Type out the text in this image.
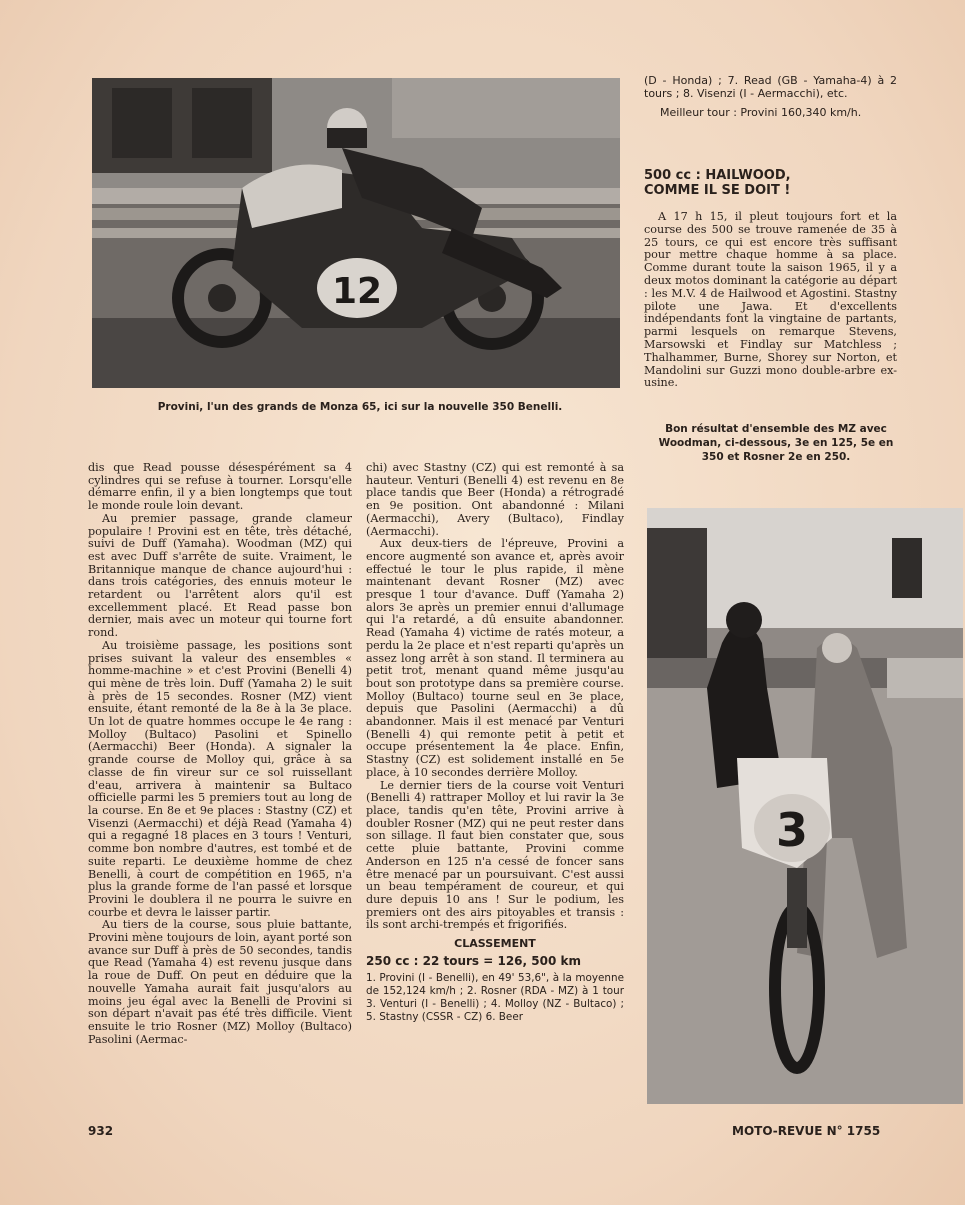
12
Provini, l'un des grands de Monza 65, ici sur la nouvelle 350 Benelli.

(D - Honda) ; 7. Read (GB - Yamaha-4) à 2 tours ; 8. Visenzi (I - Aermacchi), etc.

Meilleur tour : Provini 160,340 km/h.

500 cc : HAILWOOD, COMME IL SE DOIT !

A 17 h 15, il pleut toujours fort et la course des 500 se trouve ramenée de 35 à 25 tours, ce qui est encore très suffisant pour mettre chaque homme à sa place. Comme durant toute la saison 1965, il y a deux motos dominant la catégorie au départ : les M.V. 4 de Hailwood et Agostini. Stastny pilote une Jawa. Et d'excellents indépendants font la vingtaine de partants, parmi lesquels on remarque Stevens, Marsowski et Findlay sur Matchless ; Thalhammer, Burne, Shorey sur Norton, et Mandolini sur Guzzi mono double-arbre ex-usine.

Bon résultat d'ensemble des MZ avec Woodman, ci-dessous, 3e en 125, 5e en 350 et Rosner 2e en 250.
3

dis que Read pousse désespérément sa 4 cylindres qui se refuse à tourner. Lorsqu'elle démarre enfin, il y a bien longtemps que tout le monde roule loin devant.

Au premier passage, grande clameur populaire ! Provini est en tête, très détaché, suivi de Duff (Yamaha). Woodman (MZ) qui est avec Duff s'arrête de suite. Vraiment, le Britannique manque de chance aujourd'hui : dans trois catégories, des ennuis moteur le retardent ou l'arrêtent alors qu'il est excellemment placé. Et Read passe bon dernier, mais avec un moteur qui tourne fort rond.

Au troisième passage, les positions sont prises suivant la valeur des ensembles « homme-machine » et c'est Provini (Benelli 4) qui mène de très loin. Duff (Yamaha 2) le suit à près de 15 secondes. Rosner (MZ) vient ensuite, étant remonté de la 8e à la 3e place. Un lot de quatre hommes occupe le 4e rang : Molloy (Bultaco) Pasolini et Spinello (Aermacchi) Beer (Honda). A signaler la grande course de Molloy qui, grâce à sa classe de fin vireur sur ce sol ruissellant d'eau, arrivera à maintenir sa Bultaco officielle parmi les 5 premiers tout au long de la course. En 8e et 9e places : Stastny (CZ) et Visenzi (Aermacchi) et déjà Read (Yamaha 4) qui a regagné 18 places en 3 tours ! Venturi, comme bon nombre d'autres, est tombé et de suite reparti. Le deuxième homme de chez Benelli, à court de compétition en 1965, n'a plus la grande forme de l'an passé et lorsque Provini le doublera il ne pourra le suivre en courbe et devra le laisser partir.

Au tiers de la course, sous pluie battante, Provini mène toujours de loin, ayant porté son avance sur Duff à près de 50 secondes, tandis que Read (Yamaha 4) est revenu jusque dans la roue de Duff. On peut en déduire que la nouvelle Yamaha aurait fait jusqu'alors au moins jeu égal avec la Benelli de Provini si son départ n'avait pas été très difficile. Vient ensuite le trio Rosner (MZ) Molloy (Bultaco) Pasolini (Aermac-

chi) avec Stastny (CZ) qui est remonté à sa hauteur. Venturi (Benelli 4) est revenu en 8e place tandis que Beer (Honda) a rétrogradé en 9e position. Ont abandonné : Milani (Aermacchi), Avery (Bultaco), Findlay (Aermacchi).

Aux deux-tiers de l'épreuve, Provini a encore augmenté son avance et, après avoir effectué le tour le plus rapide, il mène maintenant devant Rosner (MZ) avec presque 1 tour d'avance. Duff (Yamaha 2) alors 3e après un premier ennui d'allumage qui l'a retardé, a dû ensuite abandonner. Read (Yamaha 4) victime de ratés moteur, a perdu la 2e place et n'est reparti qu'après un assez long arrêt à son stand. Il terminera au petit trot, menant quand même jusqu'au bout son prototype dans sa première course. Molloy (Bultaco) tourne seul en 3e place, depuis que Pasolini (Aermacchi) a dû abandonner. Mais il est menacé par Venturi (Benelli 4) qui remonte petit à petit et occupe présentement la 4e place. Enfin, Stastny (CZ) est solidement installé en 5e place, à 10 secondes derrière Molloy.

Le dernier tiers de la course voit Venturi (Benelli 4) rattraper Molloy et lui ravir la 3e place, tandis qu'en tête, Provini arrive à doubler Rosner (MZ) qui ne peut rester dans son sillage. Il faut bien constater que, sous cette pluie battante, Provini comme Anderson en 125 n'a cessé de foncer sans être menacé par un poursuivant. C'est aussi un beau tempérament de coureur, et qui dure depuis 10 ans ! Sur le podium, les premiers ont des airs pitoyables et transis : ils sont archi-trempés et frigorifiés.

CLASSEMENT
250 cc : 22 tours = 126, 500 km
1. Provini (I - Benelli), en 49' 53,6", à la moyenne de 152,124 km/h ; 2. Rosner (RDA - MZ) à 1 tour 3. Venturi (I - Benelli) ; 4. Molloy (NZ - Bultaco) ; 5. Stastny (CSSR - CZ) 6. Beer
932	MOTO-REVUE N° 1755
